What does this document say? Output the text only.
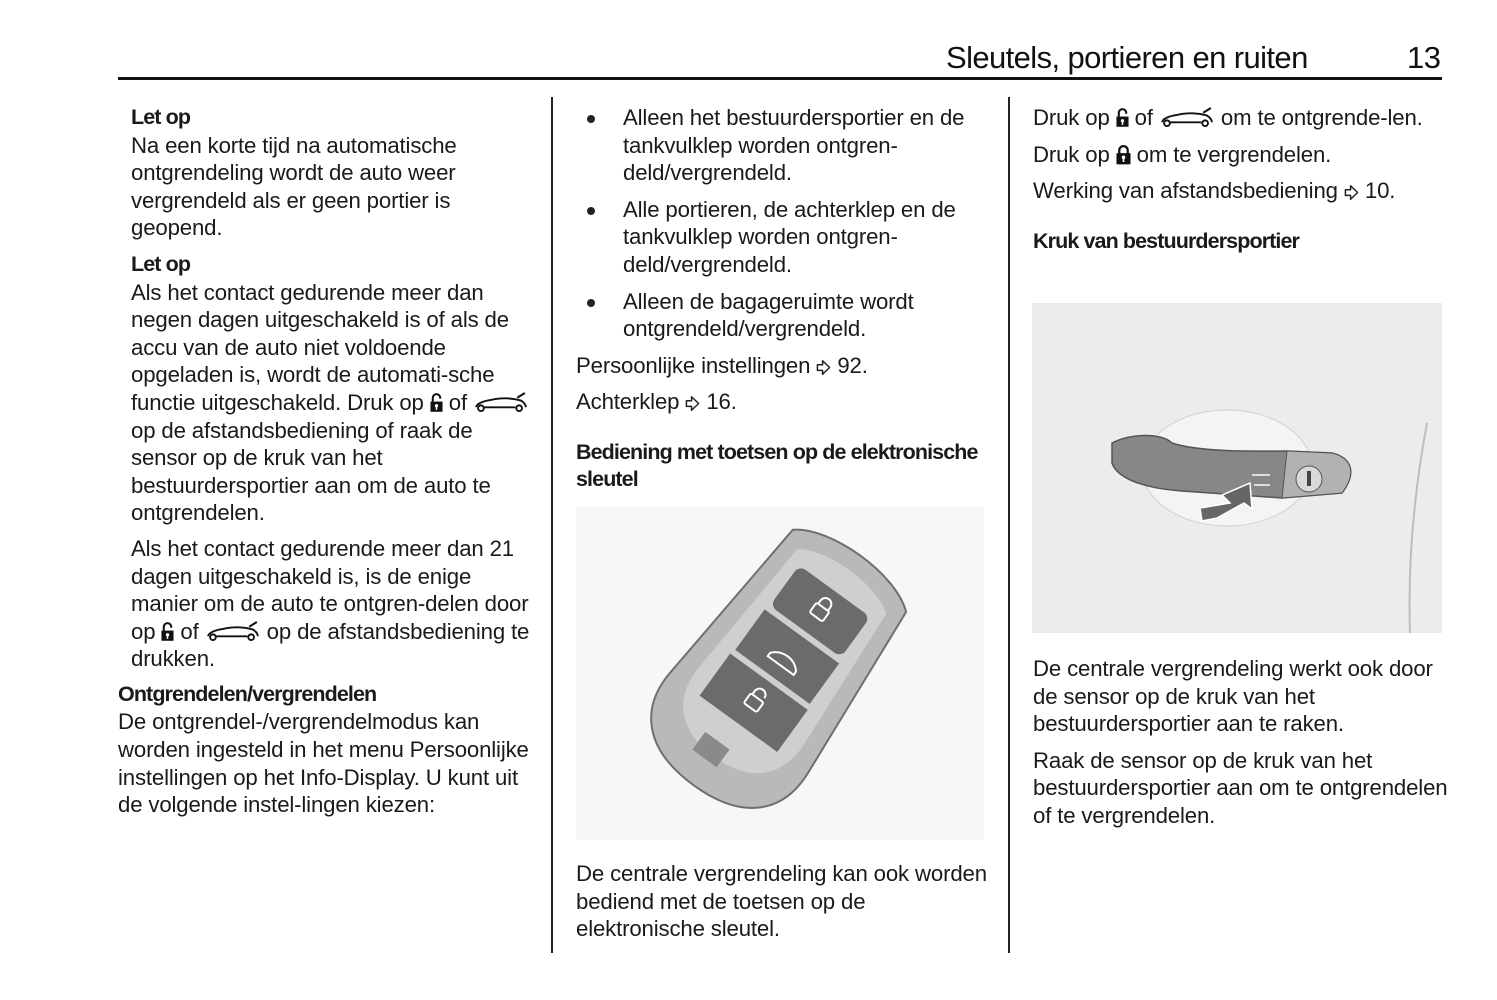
Sleutels, portieren en ruiten	13

Let op

Na een korte tijd na automatische ontgrendeling wordt de auto weer vergrendeld als er geen portier is geopend.

Let op

Als het contact gedurende meer dan negen dagen uitgeschakeld is of als de accu van de auto niet voldoende opgeladen is, wordt de automati-sche functie uitgeschakeld. Druk op of  op de afstandsbediening of raak de sensor op de kruk van het bestuurdersportier aan om de auto te ontgrendelen.

Als het contact gedurende meer dan 21 dagen uitgeschakeld is, is de enige manier om de auto te ontgren-delen door op of	op de afstandsbediening te drukken.

Ontgrendelen/vergrendelen

De ontgrendel-/vergrendelmodus kan worden ingesteld in het menu Persoonlijke instellingen op het Info-Display. U kunt uit de volgende instel-lingen kiezen:

Alleen het bestuurdersportier en de tankvulklep worden ontgren-deld/vergrendeld.
Alle portieren, de achterklep en de tankvulklep worden ontgren-deld/vergrendeld.
Alleen de bagageruimte wordt ontgrendeld/vergrendeld.

Persoonlijke instellingen 92.

Achterklep 16.

Bediening met toetsen op de elektronische sleutel

De centrale vergrendeling kan ook worden bediend met de toetsen op de elektronische sleutel.

Druk op of	om te ontgrende-len.

Druk op om te vergrendelen.

Werking van afstandsbediening 10.

Kruk van bestuurdersportier

De centrale vergrendeling werkt ook door de sensor op de kruk van het bestuurdersportier aan te raken.

Raak de sensor op de kruk van het bestuurdersportier aan om te ontgrendelen of te vergrendelen.
